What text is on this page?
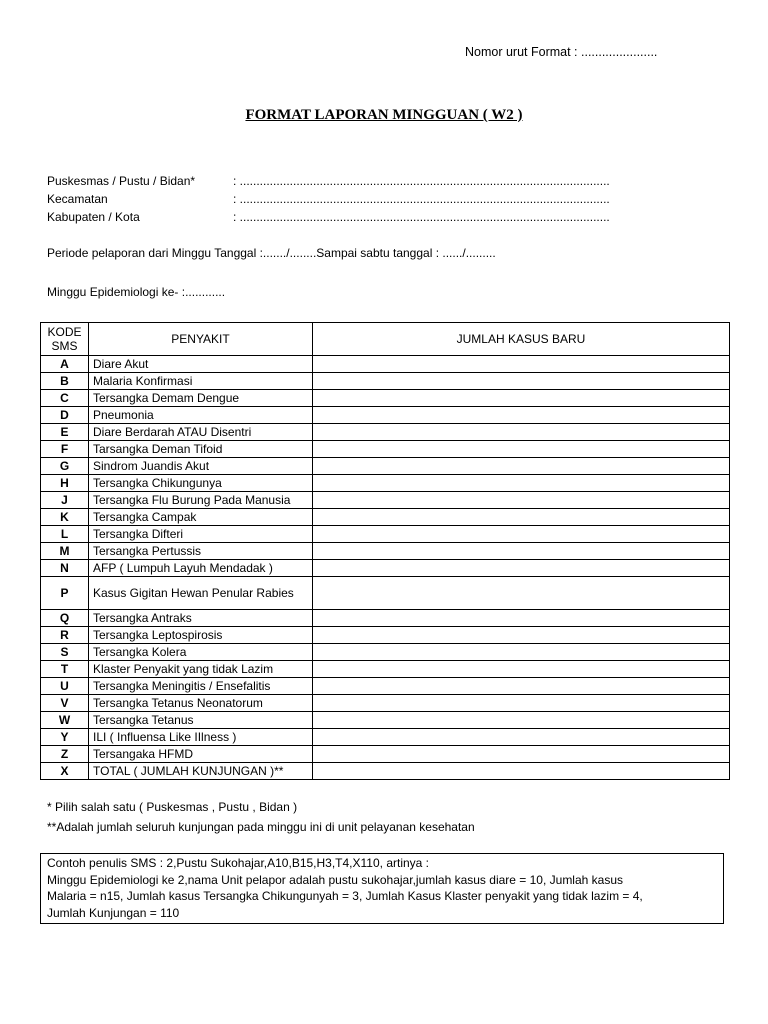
Nomor urut Format : ......................
FORMAT LAPORAN MINGGUAN ( W2 )
Puskesmas / Pustu / Bidan*	: ...............................................................................................................
Kecamatan	: ...............................................................................................................
Kabupaten / Kota	: ...............................................................................................................
Periode pelaporan dari Minggu Tanggal :......./........Sampai sabtu tanggal : ....../.........
Minggu Epidemiologi ke- :............
KODE
SMS	PENYAKIT	JUMLAH KASUS BARU
A	Diare Akut	
B	Malaria Konfirmasi	
C	Tersangka Demam Dengue	
D	Pneumonia	
E	Diare Berdarah ATAU Disentri	
F	Tarsangka Deman Tifoid	
G	Sindrom Juandis Akut	
H	Tersangka Chikungunya	
J	Tersangka Flu Burung Pada Manusia	
K	Tersangka Campak	
L	Tersangka Difteri	
M	Tersangka Pertussis	
N	AFP ( Lumpuh Layuh Mendadak )	
P	Kasus Gigitan Hewan Penular Rabies	
Q	Tersangka Antraks	
R	Tersangka Leptospirosis	
S	Tersangka Kolera	
T	Klaster Penyakit yang tidak Lazim	
U	Tersangka Meningitis / Ensefalitis	
V	Tersangka Tetanus Neonatorum	
W	Tersangka Tetanus	
Y	ILI ( Influensa Like IIlness )	
Z	Tersangaka HFMD	
X	TOTAL ( JUMLAH KUNJUNGAN )**	
* Pilih salah satu ( Puskesmas , Pustu , Bidan )
**Adalah jumlah seluruh kunjungan pada minggu ini di unit pelayanan kesehatan
Contoh penulis SMS : 2,Pustu Sukohajar,A10,B15,H3,T4,X110, artinya :
Minggu Epidemiologi ke 2,nama Unit pelapor adalah pustu sukohajar,jumlah kasus diare = 10, Jumlah kasus
Malaria = n15, Jumlah kasus Tersangka Chikungunyah = 3, Jumlah Kasus Klaster penyakit yang tidak lazim = 4,
Jumlah Kunjungan = 110
